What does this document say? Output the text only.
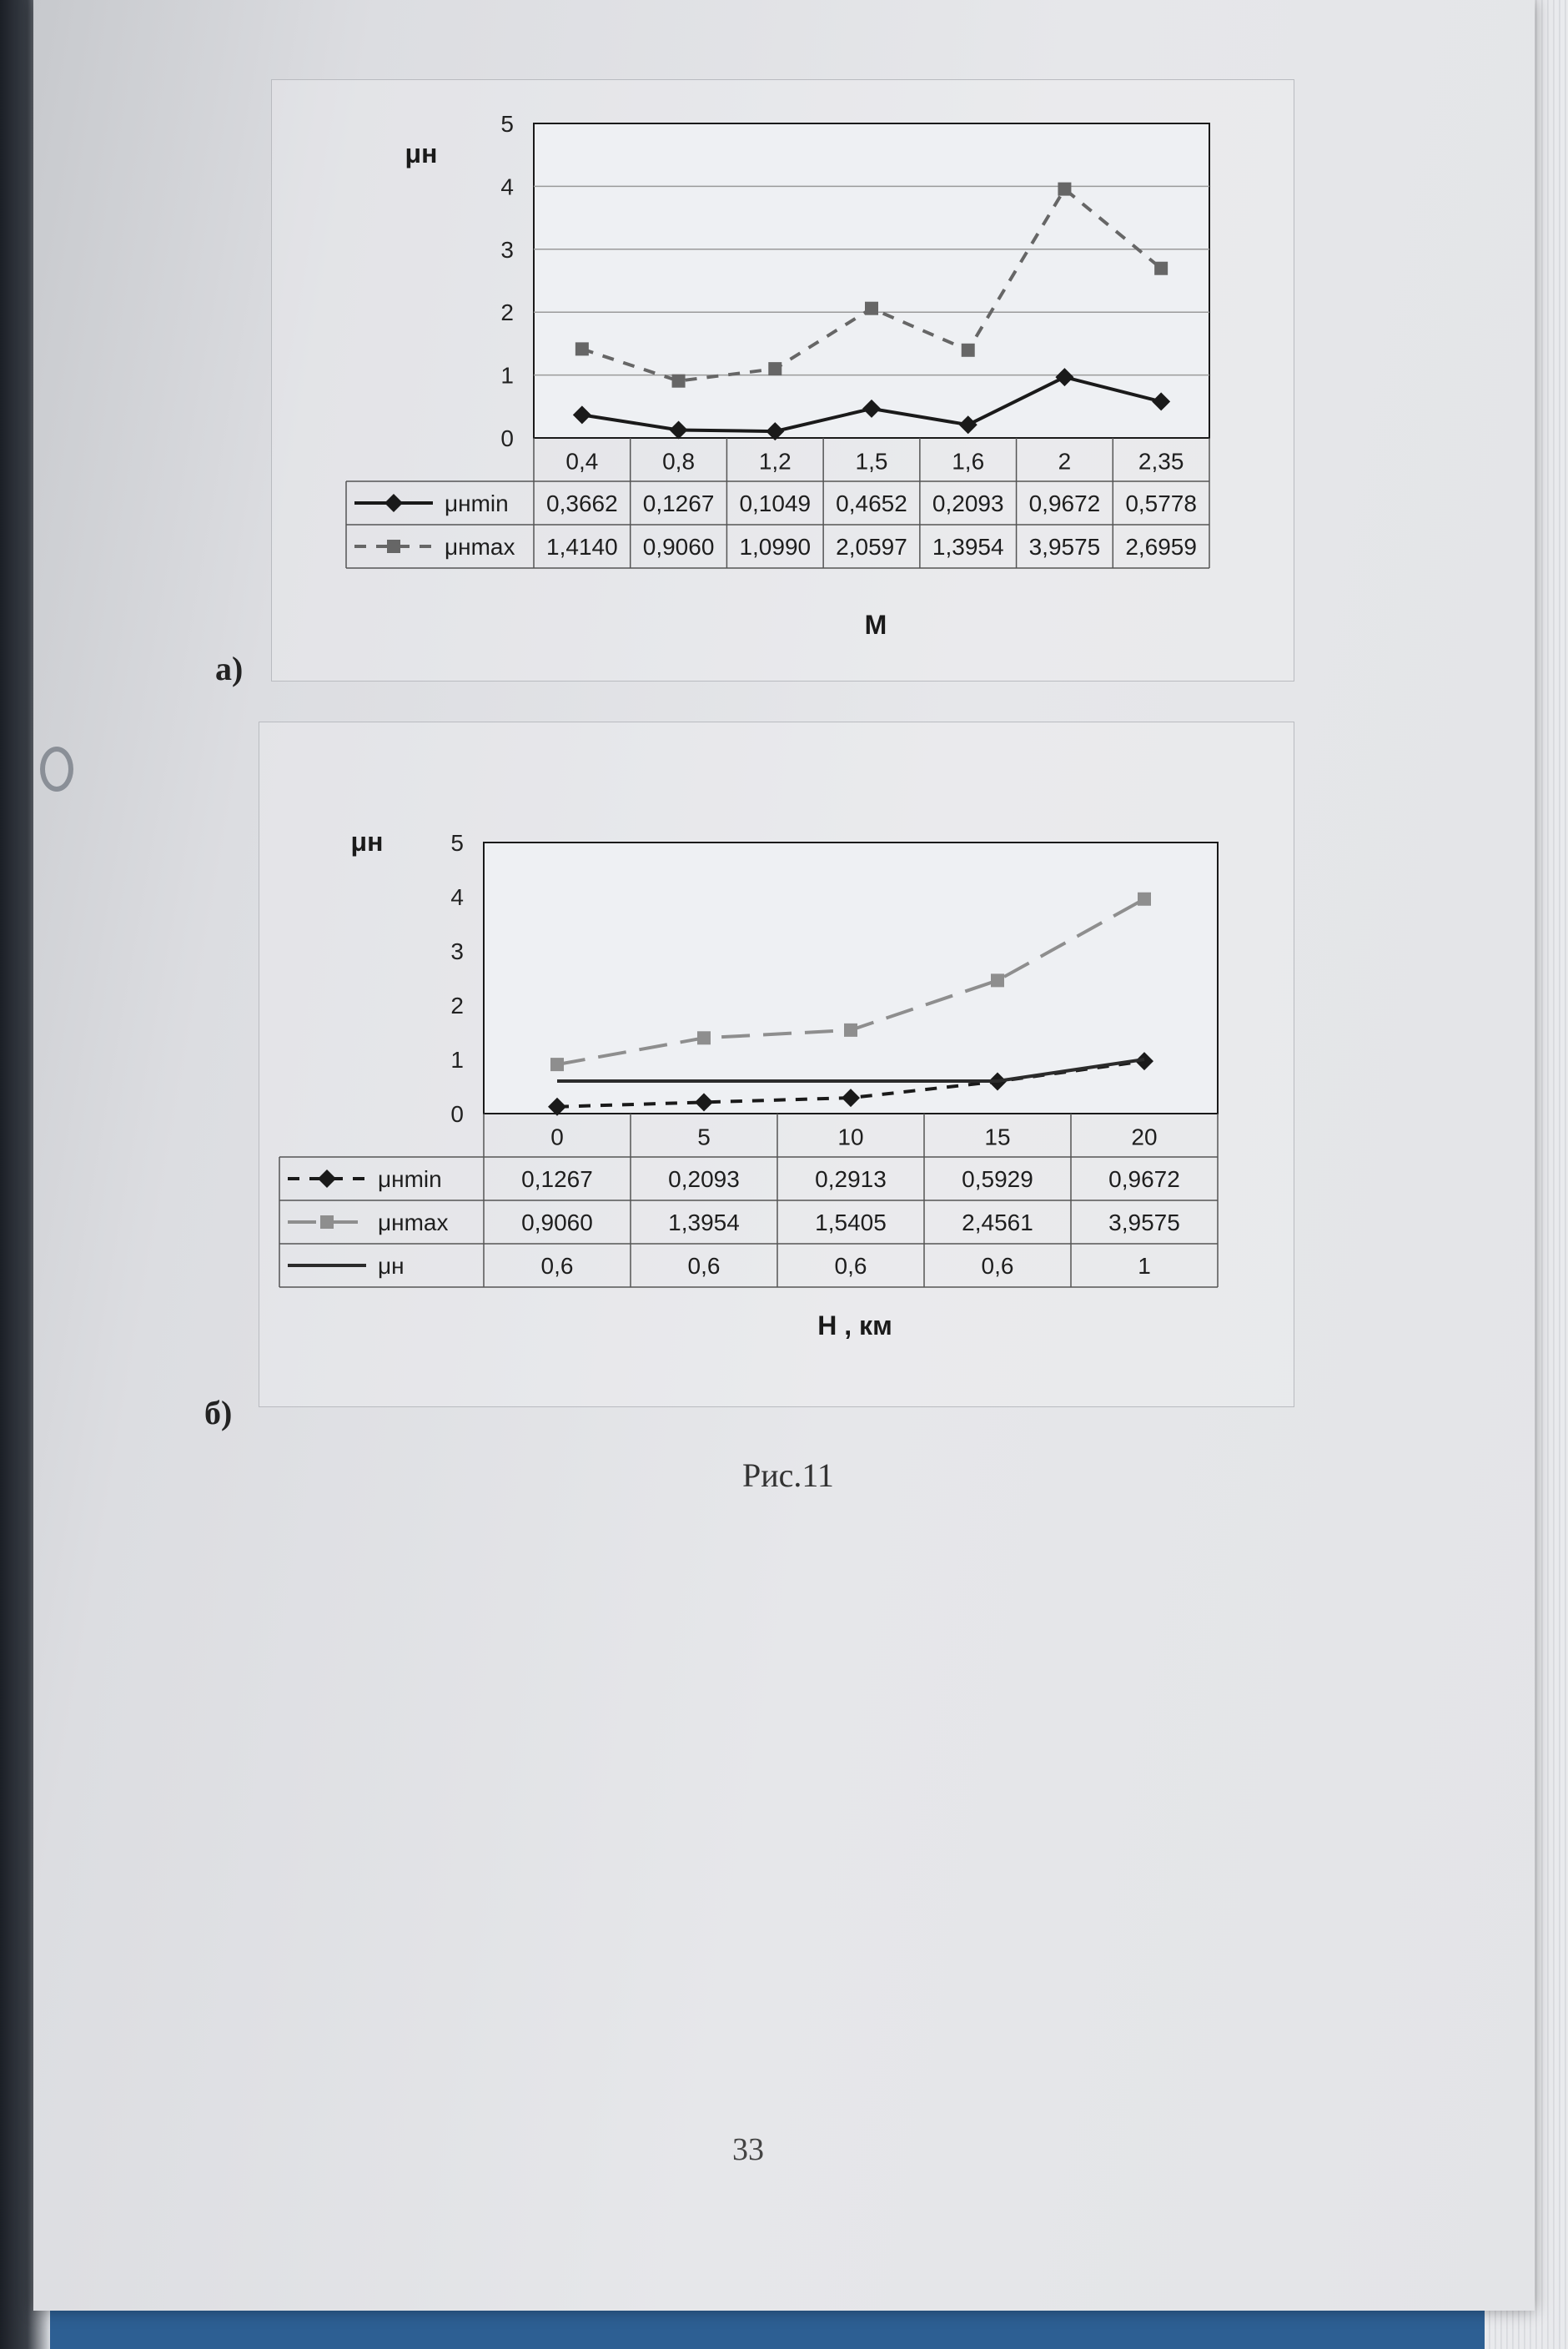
0
1
2
3
4
5
μн
0,4	0,8	1,2	1,5	1,6	2	2,35
μнmin 0,3662 0,1267 0,1049 0,4652 0,2093 0,9672 0,5778
μнmax 1,4140 0,9060 1,0990 2,0597 1,3954 3,9575 2,6959
M
а)
0
1
2
3
4
5
μн
0	5	10	15	20
μнmin	0,1267	0,2093	0,2913	0,5929	0,9672
μнmax	0,9060	1,3954	1,5405	2,4561	3,9575
μн	0,6	0,6	0,6	0,6	1
H , км
б)
Рис.11
33
